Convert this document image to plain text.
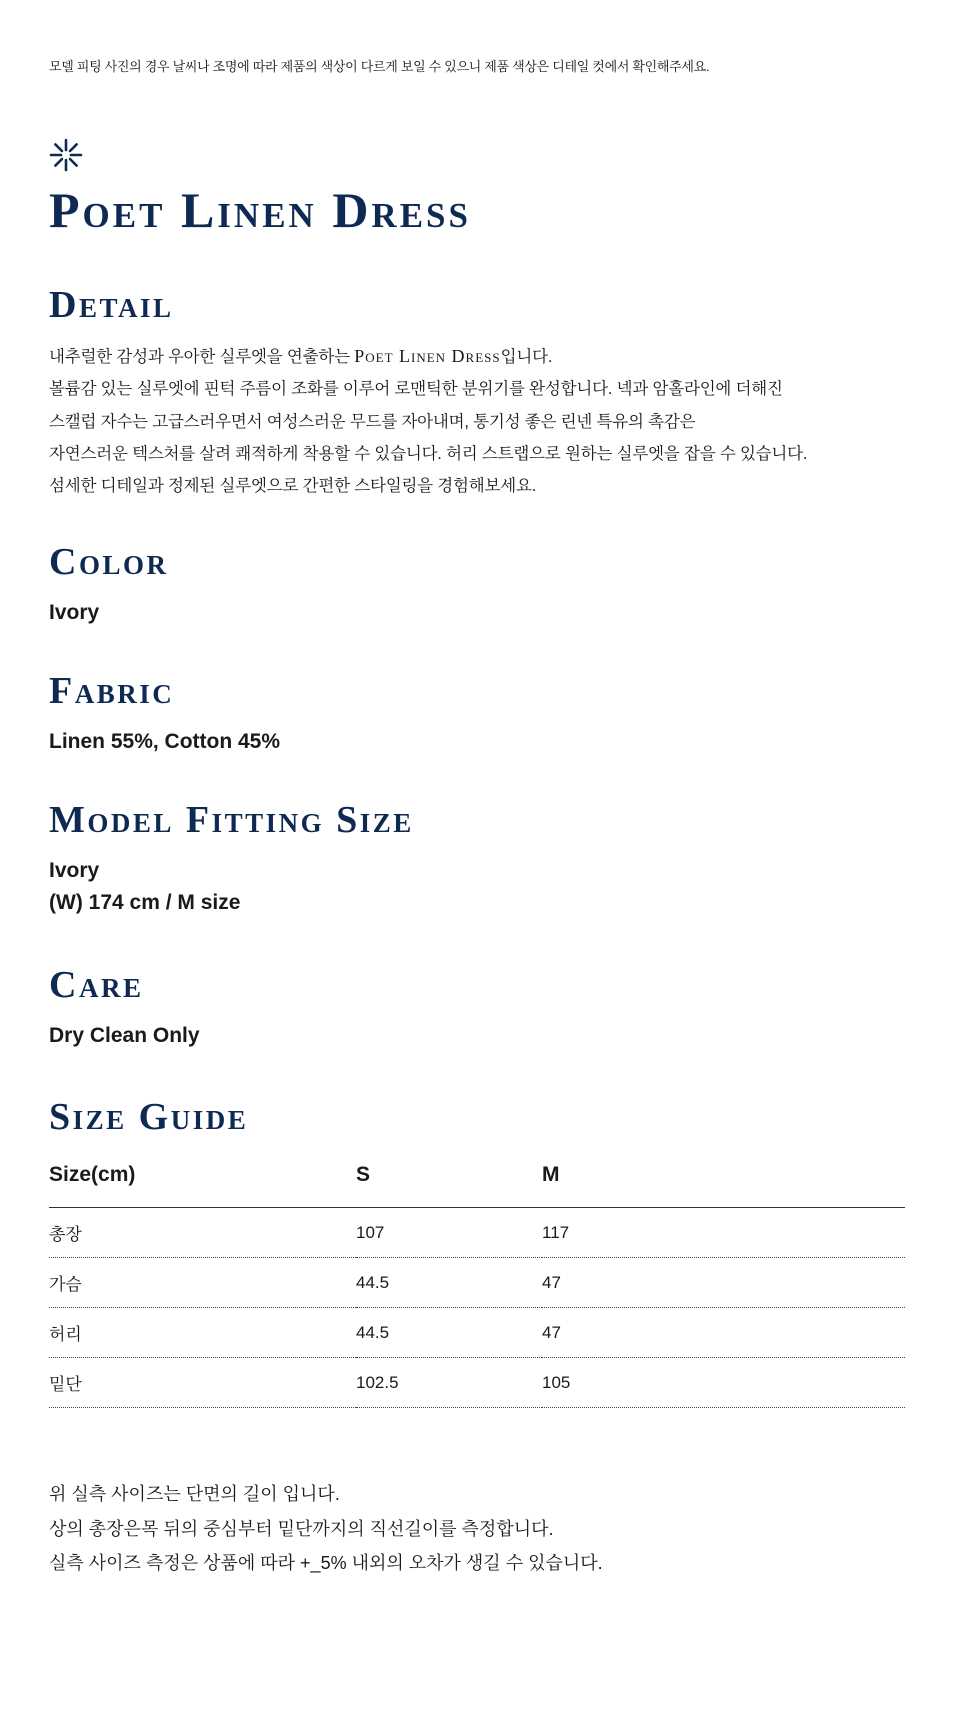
모델 피팅 사진의 경우 날씨나 조명에 따라 제품의 색상이 다르게 보일 수 있으니 제품 색상은 디테일 컷에서 확인해주세요.
Poet Linen Dress
Detail
내추럴한 감성과 우아한 실루엣을 연출하는 Poet Linen Dress입니다.
볼륨감 있는 실루엣에 핀턱 주름이 조화를 이루어 로맨틱한 분위기를 완성합니다. 넥과 암홀라인에 더해진
스캘럽 자수는 고급스러우면서 여성스러운 무드를 자아내며, 통기성 좋은 린넨 특유의 촉감은
자연스러운 텍스처를 살려 쾌적하게 착용할 수 있습니다. 허리 스트랩으로 원하는 실루엣을 잡을 수 있습니다.
섬세한 디테일과 정제된 실루엣으로 간편한 스타일링을 경험해보세요.
Color
Ivory
Fabric
Linen 55%, Cotton 45%
Model Fitting Size
Ivory
(W) 174 cm / M size
Care
Dry Clean Only
Size Guide
Size(cm)	S	M
총장	107	117
가슴	44.5	47
허리	44.5	47
밑단	102.5	105
위 실측 사이즈는 단면의 길이 입니다.
상의 총장은목 뒤의 중심부터 밑단까지의 직선길이를 측정합니다.
실측 사이즈 측정은 상품에 따라 +_5% 내외의 오차가 생길 수 있습니다.
